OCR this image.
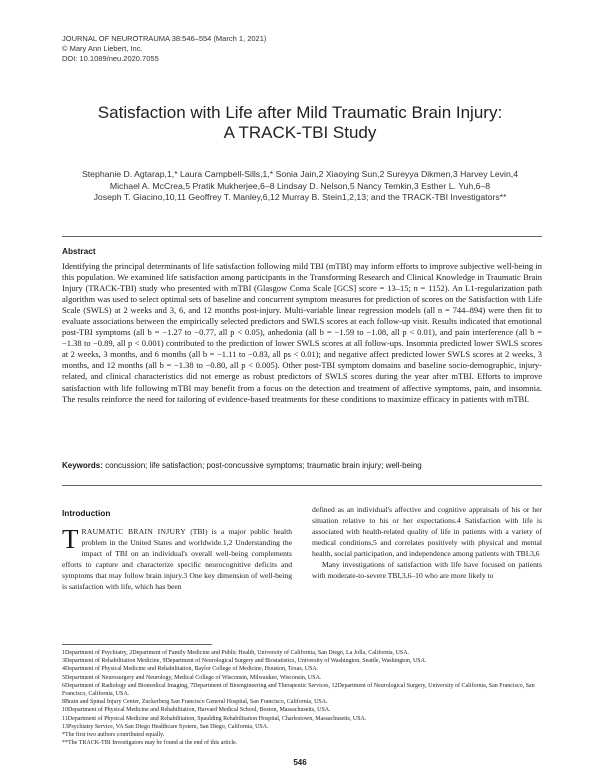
JOURNAL OF NEUROTRAUMA 38:546–554 (March 1, 2021)
© Mary Ann Liebert, Inc.
DOI: 10.1089/neu.2020.7055
Satisfaction with Life after Mild Traumatic Brain Injury:
A TRACK-TBI Study
Stephanie D. Agtarap,1,* Laura Campbell-Sills,1,* Sonia Jain,2 Xiaoying Sun,2 Sureyya Dikmen,3 Harvey Levin,4
Michael A. McCrea,5 Pratik Mukherjee,6–8 Lindsay D. Nelson,5 Nancy Temkin,3 Esther L. Yuh,6–8
Joseph T. Giacino,10,11 Geoffrey T. Manley,6,12 Murray B. Stein1,2,13; and the TRACK-TBI Investigators**
Abstract
Identifying the principal determinants of life satisfaction following mild TBI (mTBI) may inform efforts to improve subjective well-being in this population. We examined life satisfaction among participants in the Transforming Research and Clinical Knowledge in Traumatic Brain Injury (TRACK-TBI) study who presented with mTBI (Glasgow Coma Scale [GCS] score = 13–15; n = 1152). An L1-regularization path algorithm was used to select optimal sets of baseline and concurrent symptom measures for prediction of scores on the Satisfaction with Life Scale (SWLS) at 2 weeks and 3, 6, and 12 months post-injury. Multi-variable linear regression models (all n = 744–894) were then fit to evaluate associations between the empirically selected predictors and SWLS scores at each follow-up visit. Results indicated that emotional post-TBI symptoms (all b = −1.27 to −0.77, all p < 0.05), anhedonia (all b = −1.59 to −1.08, all p < 0.01), and pain interference (all b = −1.38 to −0.89, all p < 0.001) contributed to the prediction of lower SWLS scores at all follow-ups. Insomnia predicted lower SWLS scores at 2 weeks, 3 months, and 6 months (all b = −1.11 to −0.83, all ps < 0.01); and negative affect predicted lower SWLS scores at 2 weeks, 3 months, and 12 months (all b = −1.38 to −0.80, all p < 0.005). Other post-TBI symptom domains and baseline socio-demographic, injury-related, and clinical characteristics did not emerge as robust predictors of SWLS scores during the year after mTBI. Efforts to improve satisfaction with life following mTBI may benefit from a focus on the detection and treatment of affective symptoms, pain, and insomnia. The results reinforce the need for tailoring of evidence-based treatments for these conditions to maximize efficacy in patients with mTBI.
Keywords: concussion; life satisfaction; post-concussive symptoms; traumatic brain injury; well-being
Introduction
TRAUMATIC BRAIN INJURY (TBI) is a major public health problem in the United States and worldwide.1,2 Understanding the impact of TBI on an individual's overall well-being complements efforts to capture and characterize specific neurocognitive deficits and symptoms that may follow brain injury.3 One key dimension of well-being is satisfaction with life, which has been
defined as an individual's affective and cognitive appraisals of his or her situation relative to his or her expectations.4 Satisfaction with life is associated with health-related quality of life in patients with a variety of medical conditions,5 and correlates positively with physical and mental health, social participation, and independence among patients with TBI.3,6
Many investigations of satisfaction with life have focused on patients with moderate-to-severe TBI,3,6–10 who are more likely to
1Department of Psychiatry, 2Department of Family Medicine and Public Health, University of California, San Diego, La Jolla, California, USA.
3Department of Rehabilitation Medicine, 9Department of Neurological Surgery and Biostatistics, University of Washington, Seattle, Washington, USA.
4Department of Physical Medicine and Rehabilitation, Baylor College of Medicine, Houston, Texas, USA.
5Department of Neurosurgery and Neurology, Medical College of Wisconsin, Milwaukee, Wisconsin, USA.
6Department of Radiology and Biomedical Imaging, 7Department of Bioengineering and Therapeutic Services, 12Department of Neurological Surgery, University of California, San Francisco, San Francisco, California, USA.
8Brain and Spinal Injury Center, Zuckerberg San Francisco General Hospital, San Francisco, California, USA.
10Department of Physical Medicine and Rehabilitation, Harvard Medical School, Boston, Massachusetts, USA.
11Department of Physical Medicine and Rehabilitation, Spaulding Rehabilitation Hospital, Charlestown, Massachusetts, USA.
13Psychiatry Service, VA San Diego Healthcare System, San Diego, California, USA.
*The first two authors contributed equally.
**The TRACK-TBI Investigators may be found at the end of this article.
546
